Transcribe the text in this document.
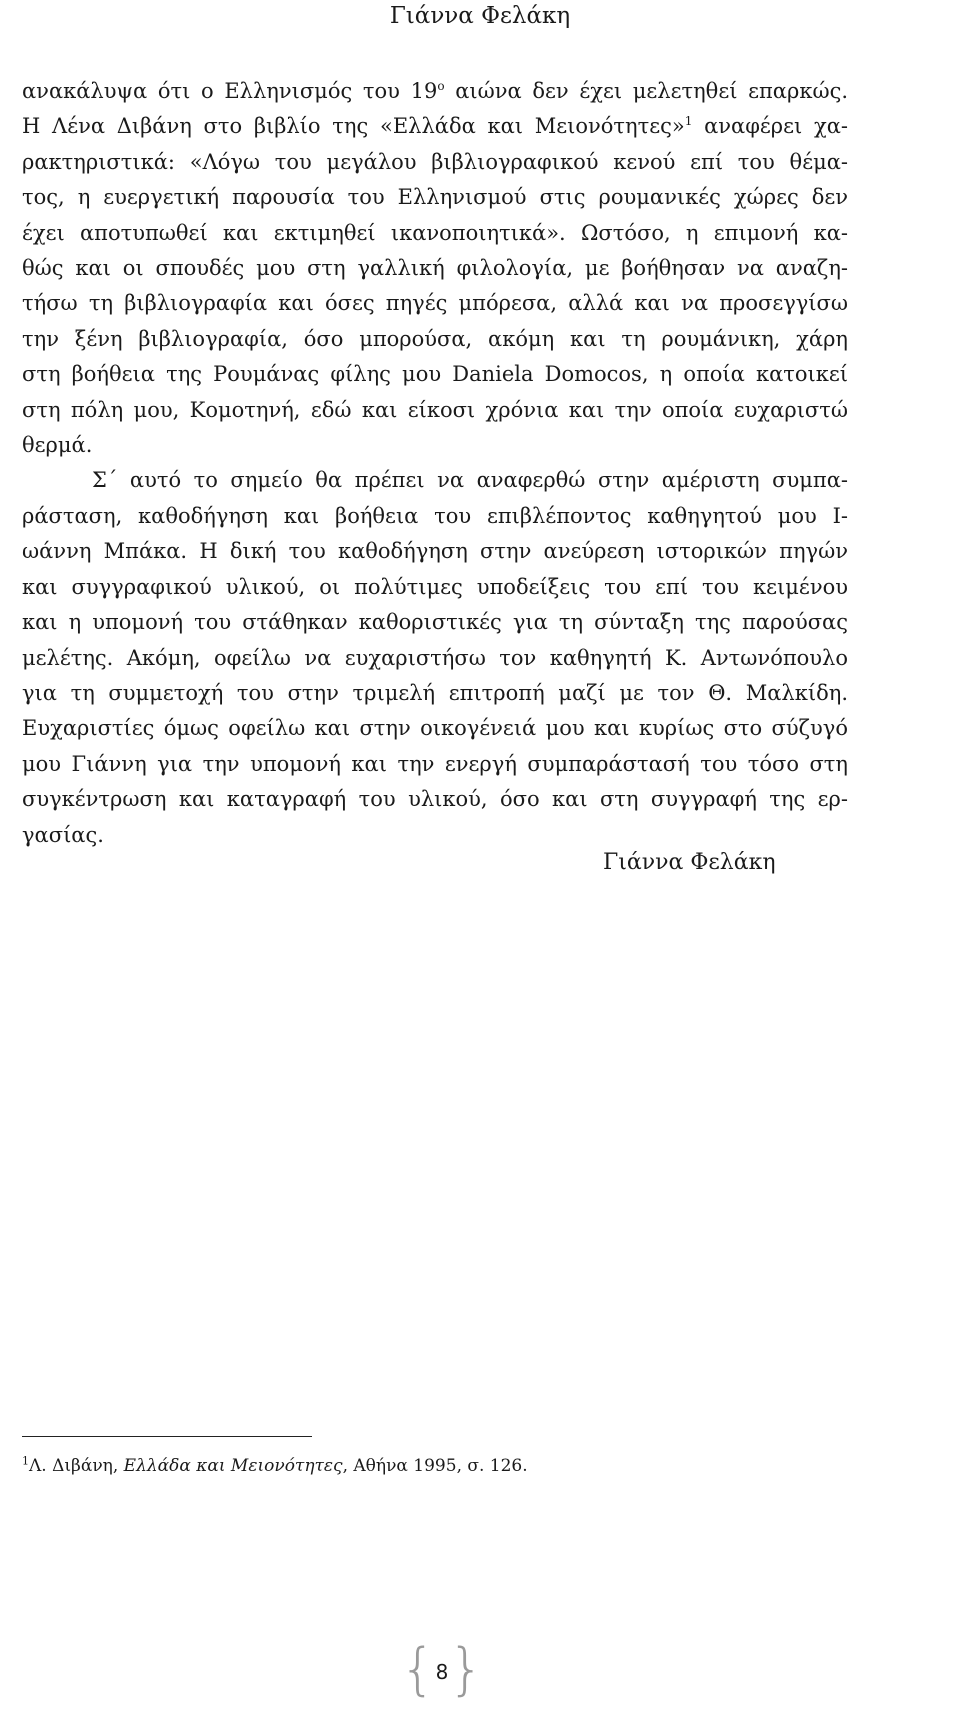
Γιάννα Φελάκη
ανακάλυψα ότι ο Ελληνισμός του $19^o$ αιώνα δεν έχει μελετηθεί επαρκώς.
Η Λένα Διβάνη στο βιβλίο της «Ελλάδα και Μειονότητες»$^1$ αναφέρει χα-
ρακτηριστικά: «Λόγω του μεγάλου βιβλιογραφικού κενού επί του θέμα-
τος, η ευεργετική παρουσία του Ελληνισμού στις ρουμανικές χώρες δεν
έχει αποτυπωθεί και εκτιμηθεί ικανοποιητικά». Ωστόσο, η επιμονή κα-
θώς και οι σπουδές μου στη γαλλική φιλολογία, με βοήθησαν να αναζη-
τήσω τη βιβλιογραφία και όσες πηγές μπόρεσα, αλλά και να προσεγγίσω
την ξένη βιβλιογραφία, όσο μπορούσα, ακόμη και τη ρουμάνικη, χάρη
στη βοήθεια της Ρουμάνας φίλης μου Daniela Domocos, η οποία κατοικεί
στη πόλη μου, Κομοτηνή, εδώ και είκοσι χρόνια και την οποία ευχαριστώ
θερμά.
Σ΄ αυτό το σημείο θα πρέπει να αναφερθώ στην αμέριστη συμπα-
ράσταση, καθοδήγηση και βοήθεια του επιβλέποντος καθηγητού μου Ι-
ωάννη Μπάκα. Η δική του καθοδήγηση στην ανεύρεση ιστορικών πηγών
και συγγραφικού υλικού, οι πολύτιμες υποδείξεις του επί του κειμένου
και η υπομονή του στάθηκαν καθοριστικές για τη σύνταξη της παρούσας
μελέτης. Ακόμη, οφείλω να ευχαριστήσω τον καθηγητή Κ. Αντωνόπουλο
για τη συμμετοχή του στην τριμελή επιτροπή μαζί με τον Θ. Μαλκίδη.
Ευχαριστίες όμως οφείλω και στην οικογένειά μου και κυρίως στο σύζυγό
μου Γιάννη για την υπομονή και την ενεργή συμπαράστασή του τόσο στη
συγκέντρωση και καταγραφή του υλικού, όσο και στη συγγραφή της ερ-
γασίας.
Γιάννα Φελάκη
$^1$Λ. Διβάνη, Ελλάδα και Μειονότητες, Αθήνα 1995, σ. 126.
{ 8 }
